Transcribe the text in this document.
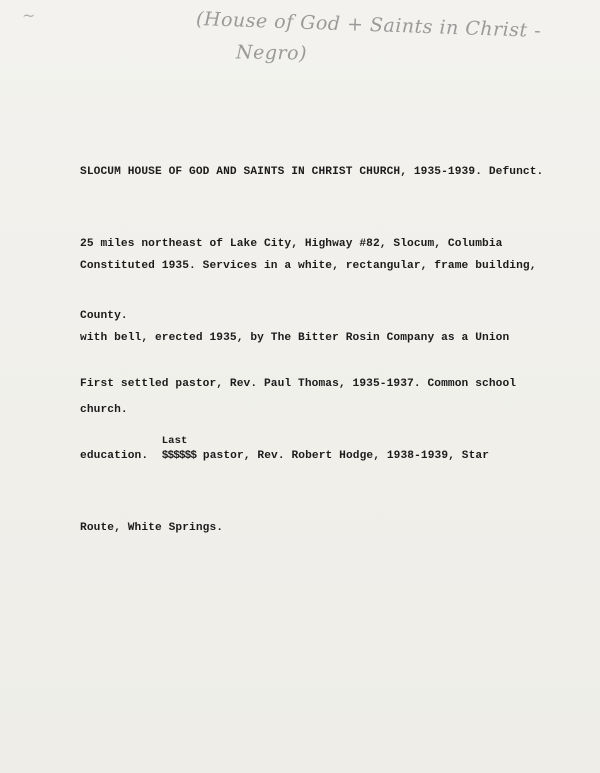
~	(House of God + Saints in Christ -
Negro)

SLOCUM HOUSE OF GOD AND SAINTS IN CHRIST CHURCH, 1935-1939. Defunct.

25 miles northeast of Lake City, Highway #82, Slocum, Columbia

County.

Constituted 1935. Services in a white, rectangular, frame building,

with bell, erected 1935, by The Bitter Rosin Company as a Union

church.

First settled pastor, Rev. Paul Thomas, 1935-1937. Common school

education.  $$$$$$
Last
pastor, Rev. Robert Hodge, 1938-1939, Star

Route, White Springs.
